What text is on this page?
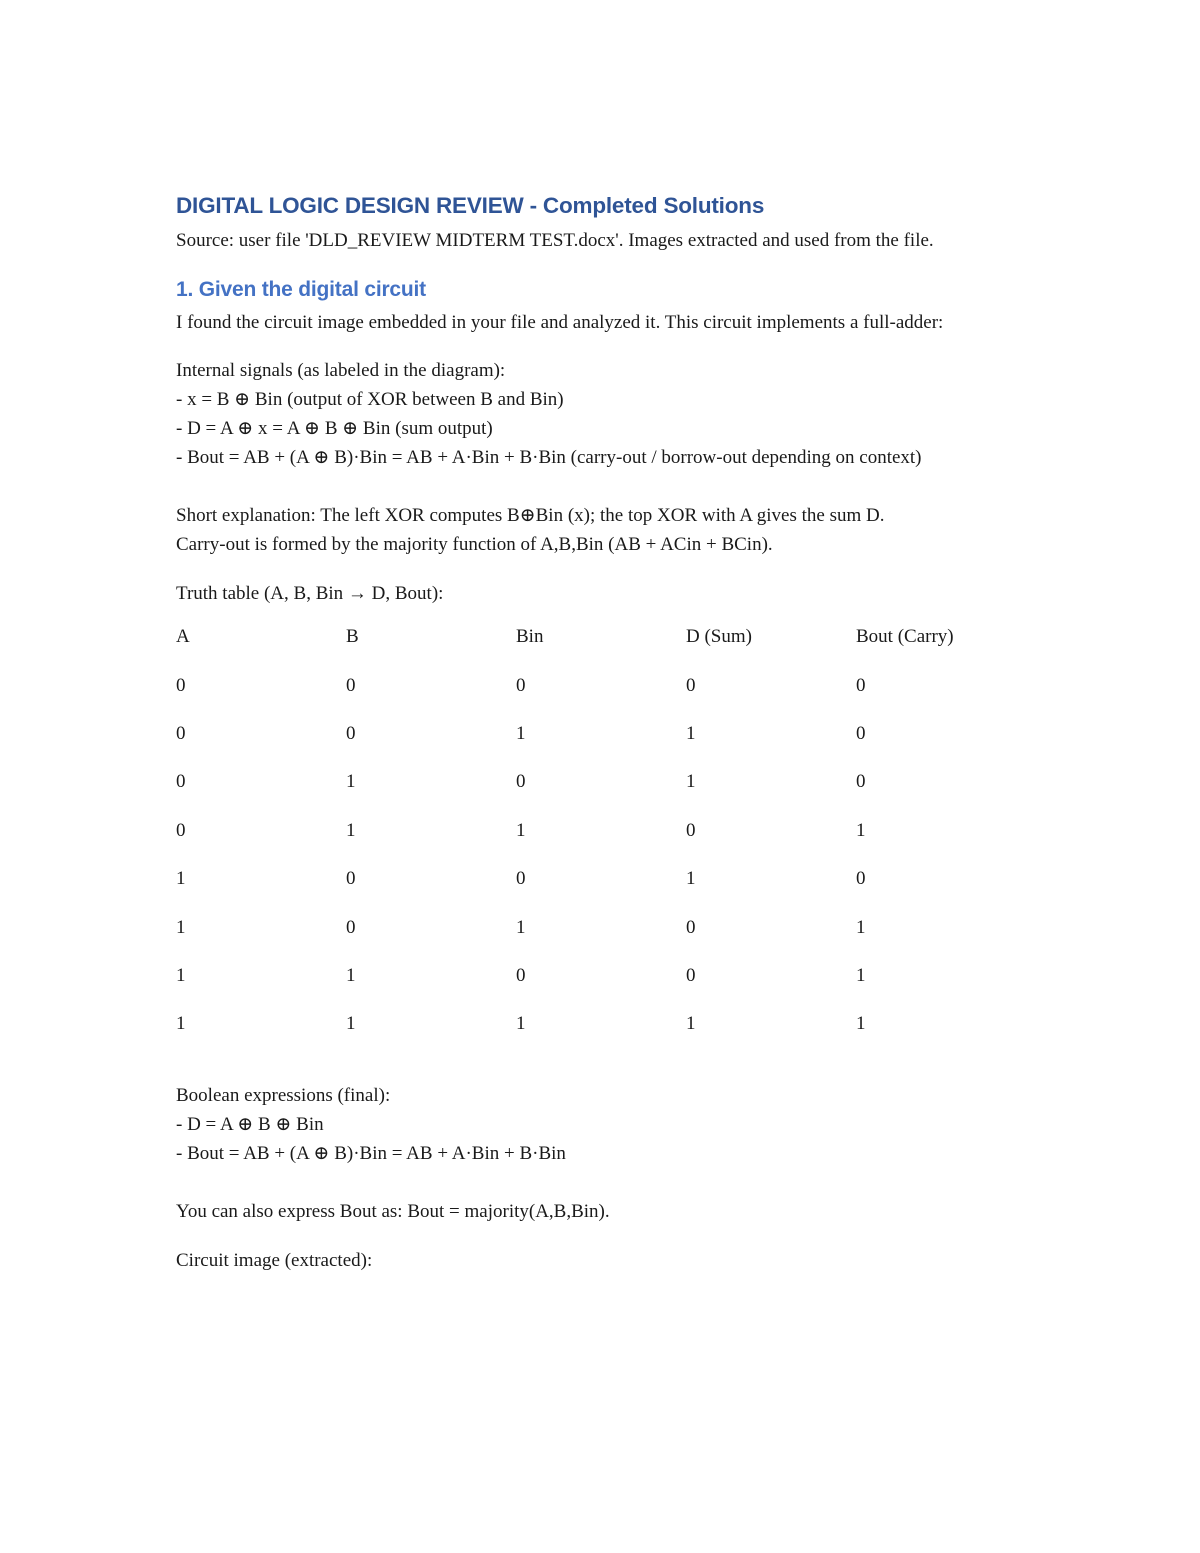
DIGITAL LOGIC DESIGN REVIEW - Completed Solutions

Source: user file 'DLD_REVIEW MIDTERM TEST.docx'. Images extracted and used from the file.

1. Given the digital circuit

I found the circuit image embedded in your file and analyzed it. This circuit implements a full-adder:

Internal signals (as labeled in the diagram):
- x = B ⊕ Bin (output of XOR between B and Bin)
- D = A ⊕ x = A ⊕ B ⊕ Bin (sum output)
- Bout = AB + (A ⊕ B)·Bin = AB + A·Bin + B·Bin (carry-out / borrow-out depending on context)
Short explanation: The left XOR computes B⊕Bin (x); the top XOR with A gives the sum D.
Carry-out is formed by the majority function of A,B,Bin (AB + ACin + BCin).

Truth table (A, B, Bin → D, Bout):

A	B	Bin	D (Sum)	Bout (Carry)
0	0	0	0	0
0	0	1	1	0
0	1	0	1	0
0	1	1	0	1
1	0	0	1	0
1	0	1	0	1
1	1	0	0	1
1	1	1	1	1
Boolean expressions (final):
- D = A ⊕ B ⊕ Bin
- Bout = AB + (A ⊕ B)·Bin = AB + A·Bin + B·Bin

You can also express Bout as: Bout = majority(A,B,Bin).

Circuit image (extracted):
